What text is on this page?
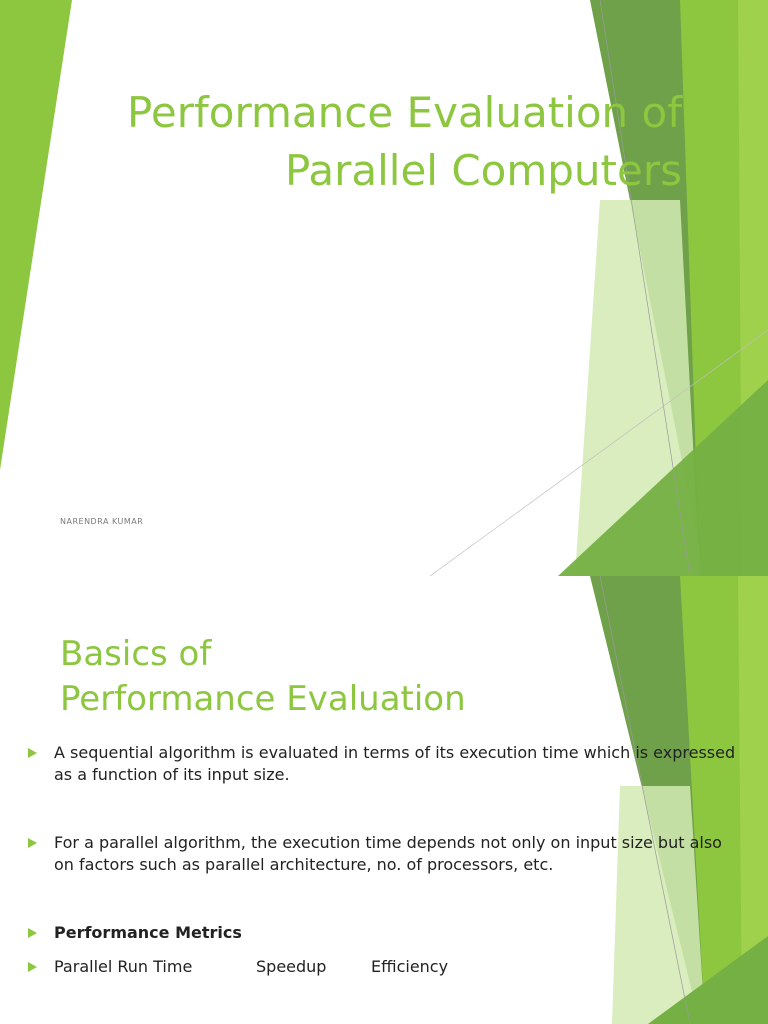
Performance Evaluation of
Parallel Computers
NARENDRA KUMAR
Basics of
Performance Evaluation
A sequential algorithm is evaluated in terms of its execution time which is expressed as a function of its input size.
For a parallel algorithm, the execution time depends not only on input size but also on factors such as parallel architecture, no. of processors, etc.
Performance Metrics
Parallel Run Time	Speedup	Efficiency
